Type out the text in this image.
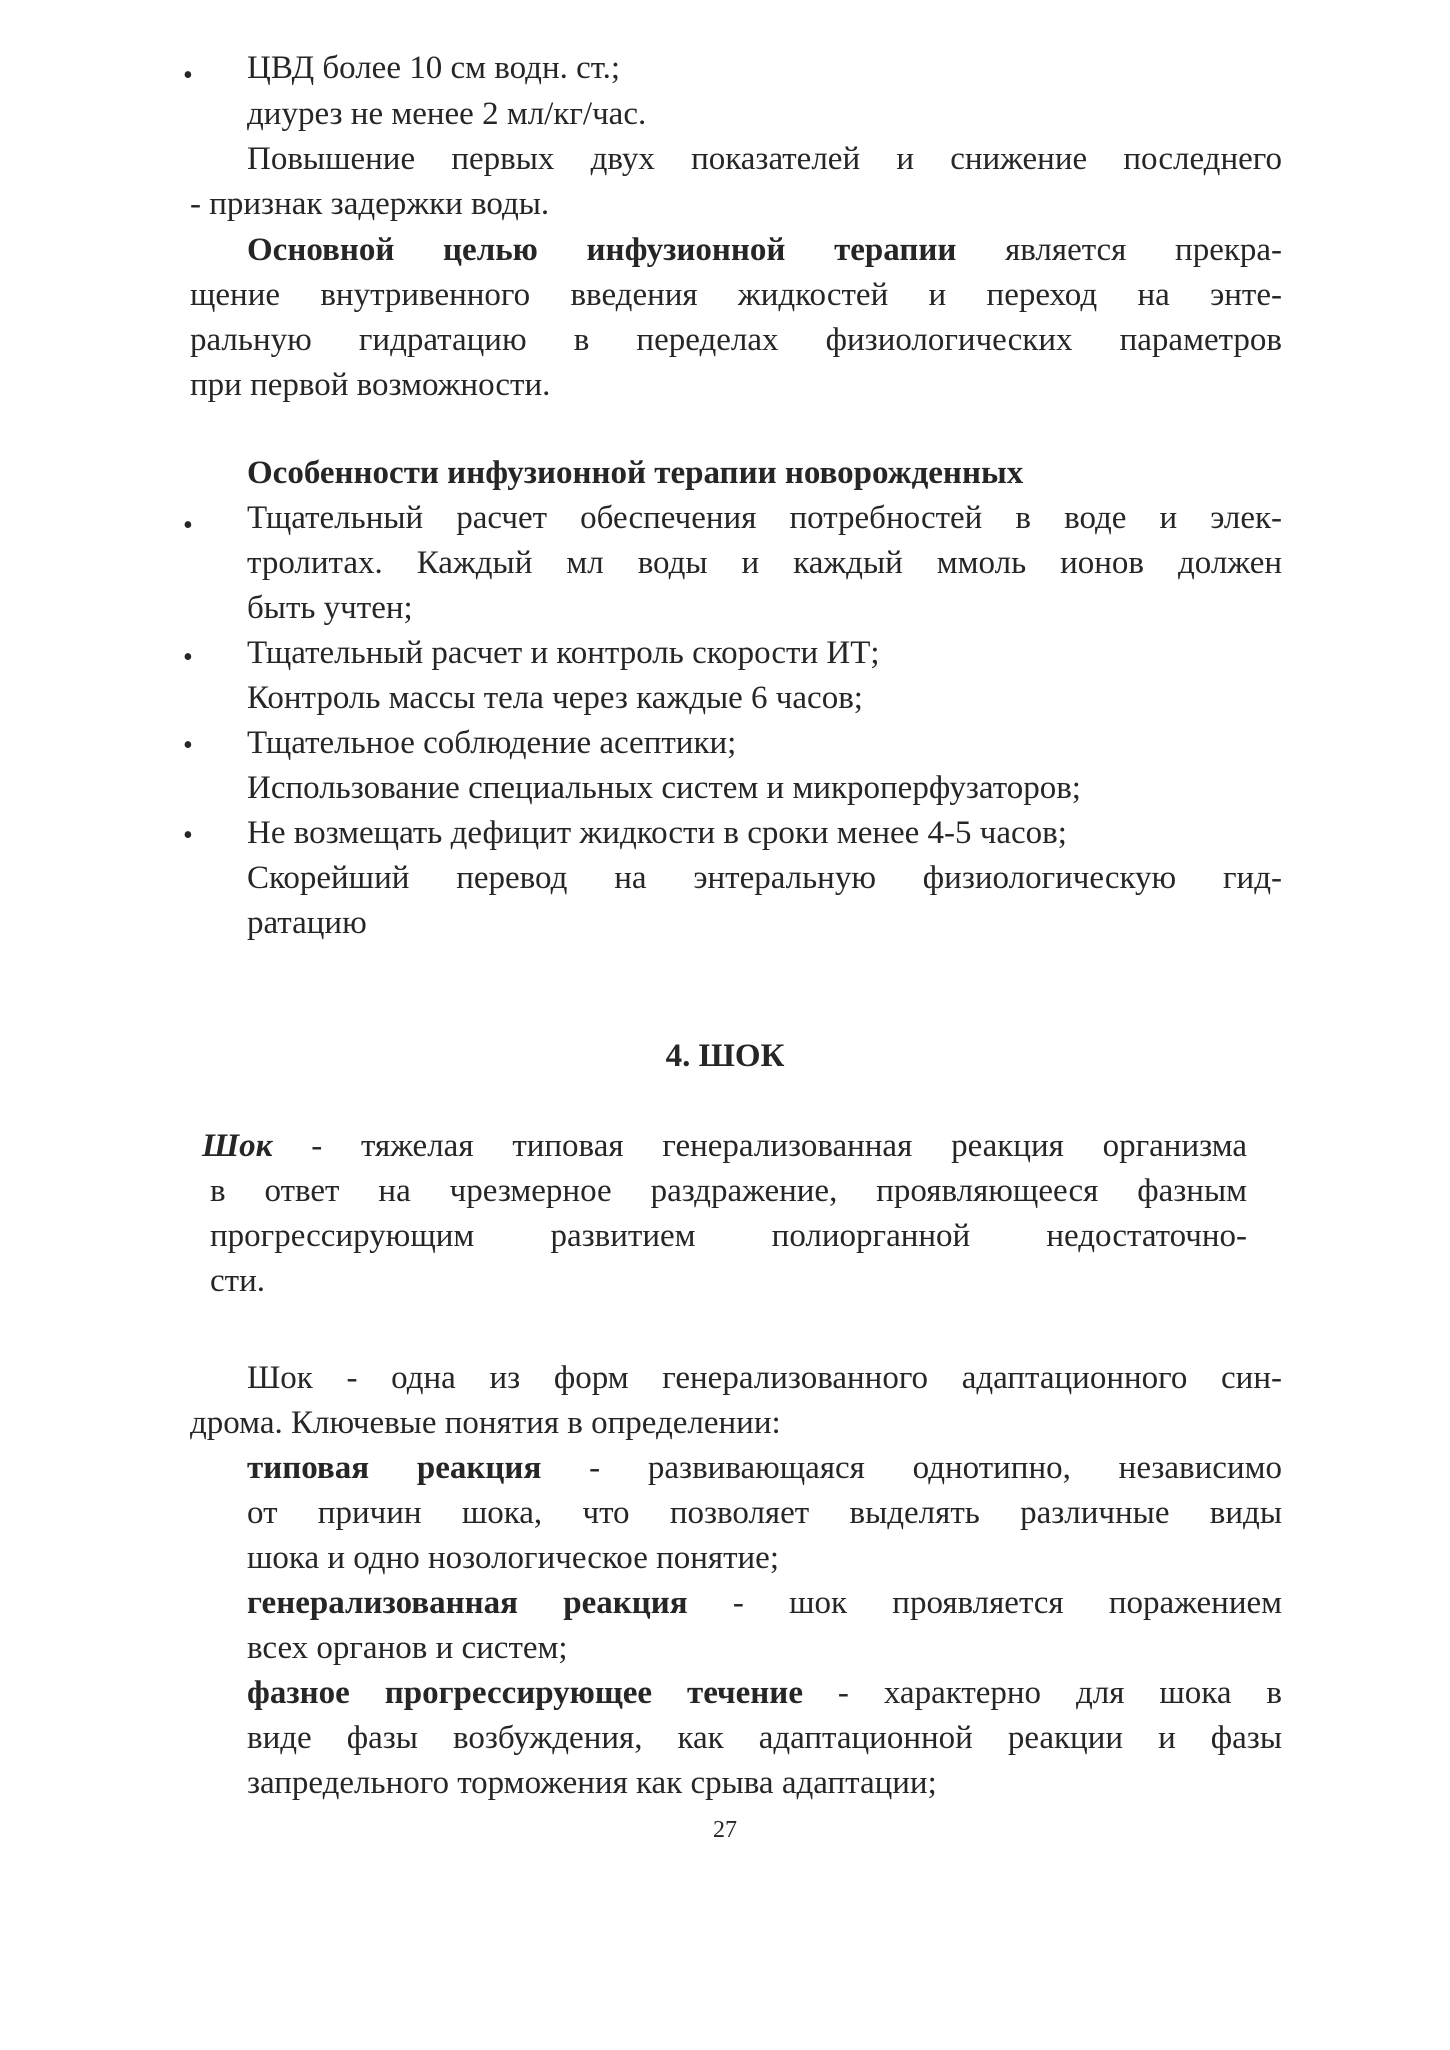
•
•
•
•
•
ЦВД более 10 см водн. ст.;
диурез не менее 2 мл/кг/час.
Повышение первых двух показателей и снижение последнего
- признак задержки воды.
Основной целью инфузионной терапии является прекра-
щение внутривенного введения жидкостей и переход на энте-
ральную гидратацию в переделах физиологических параметров
при первой возможности.
Особенности инфузионной терапии новорожденных
Тщательный расчет обеспечения потребностей в воде и элек-
тролитах. Каждый мл воды и каждый ммоль ионов должен
быть учтен;
Тщательный расчет и контроль скорости ИТ;
Контроль массы тела через каждые 6 часов;
Тщательное соблюдение асептики;
Использование специальных систем и микроперфузаторов;
Не возмещать дефицит жидкости в сроки менее 4-5 часов;
Скорейший перевод на энтеральную физиологическую гид-
ратацию
4. ШОК
Шок - тяжелая типовая генерализованная реакция организма
в ответ на чрезмерное раздражение, проявляющееся фазным
прогрессирующим развитием полиорганной недостаточно-
сти.
Шок - одна из форм генерализованного адаптационного син-
дрома. Ключевые понятия в определении:
типовая реакция - развивающаяся однотипно, независимо
от причин шока, что позволяет выделять различные виды
шока и одно нозологическое понятие;
генерализованная реакция - шок проявляется поражением
всех органов и систем;
фазное прогрессирующее течение - характерно для шока в
виде фазы возбуждения, как адаптационной реакции и фазы
запредельного торможения как срыва адаптации;
27
